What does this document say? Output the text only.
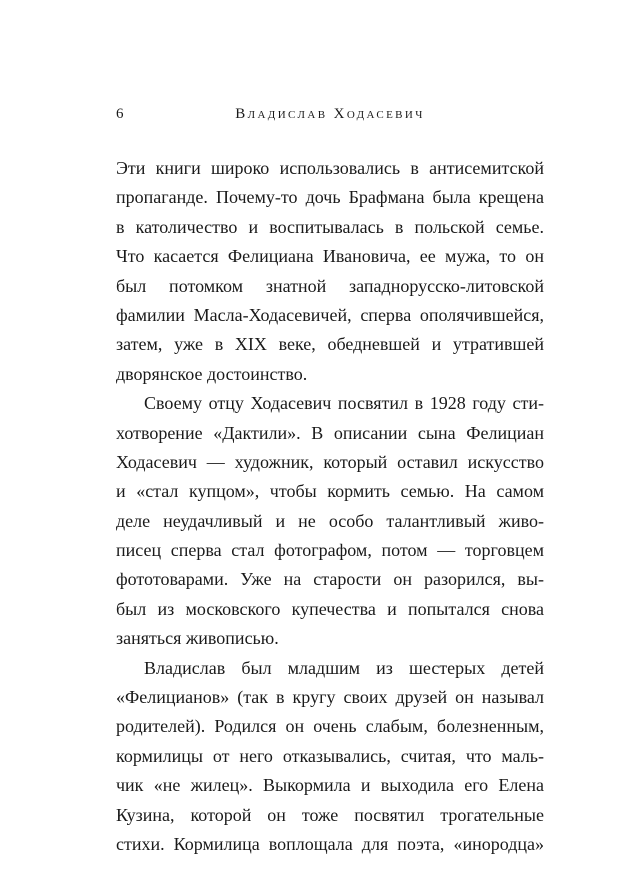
6	Владислав Ходасевич
Эти книги широко использовались в антисемитской
пропаганде. Почему-то дочь Брафмана была крещена
в католичество и воспитывалась в польской семье.
Что касается Фелициана Ивановича, ее мужа, то он
был потомком знатной западнорусско-литовской
фамилии Масла-Ходасевичей, сперва ополячившейся,
затем, уже в XIX веке, обедневшей и утратившей
дворянское достоинство.
Своему отцу Ходасевич посвятил в 1928 году сти-
хотворение «Дактили». В описании сына Фелициан
Ходасевич — художник, который оставил искусство
и «стал купцом», чтобы кормить семью. На самом
деле неудачливый и не особо талантливый живо-
писец сперва стал фотографом, потом — торговцем
фототоварами. Уже на старости он разорился, вы-
был из московского купечества и попытался снова
заняться живописью.
Владислав был младшим из шестерых детей
«Фелицианов» (так в кругу своих друзей он называл
родителей). Родился он очень слабым, болезненным,
кормилицы от него отказывались, считая, что маль-
чик «не жилец». Выкормила и выходила его Елена
Кузина, которой он тоже посвятил трогательные
стихи. Кормилица воплощала для поэта, «инородца»
